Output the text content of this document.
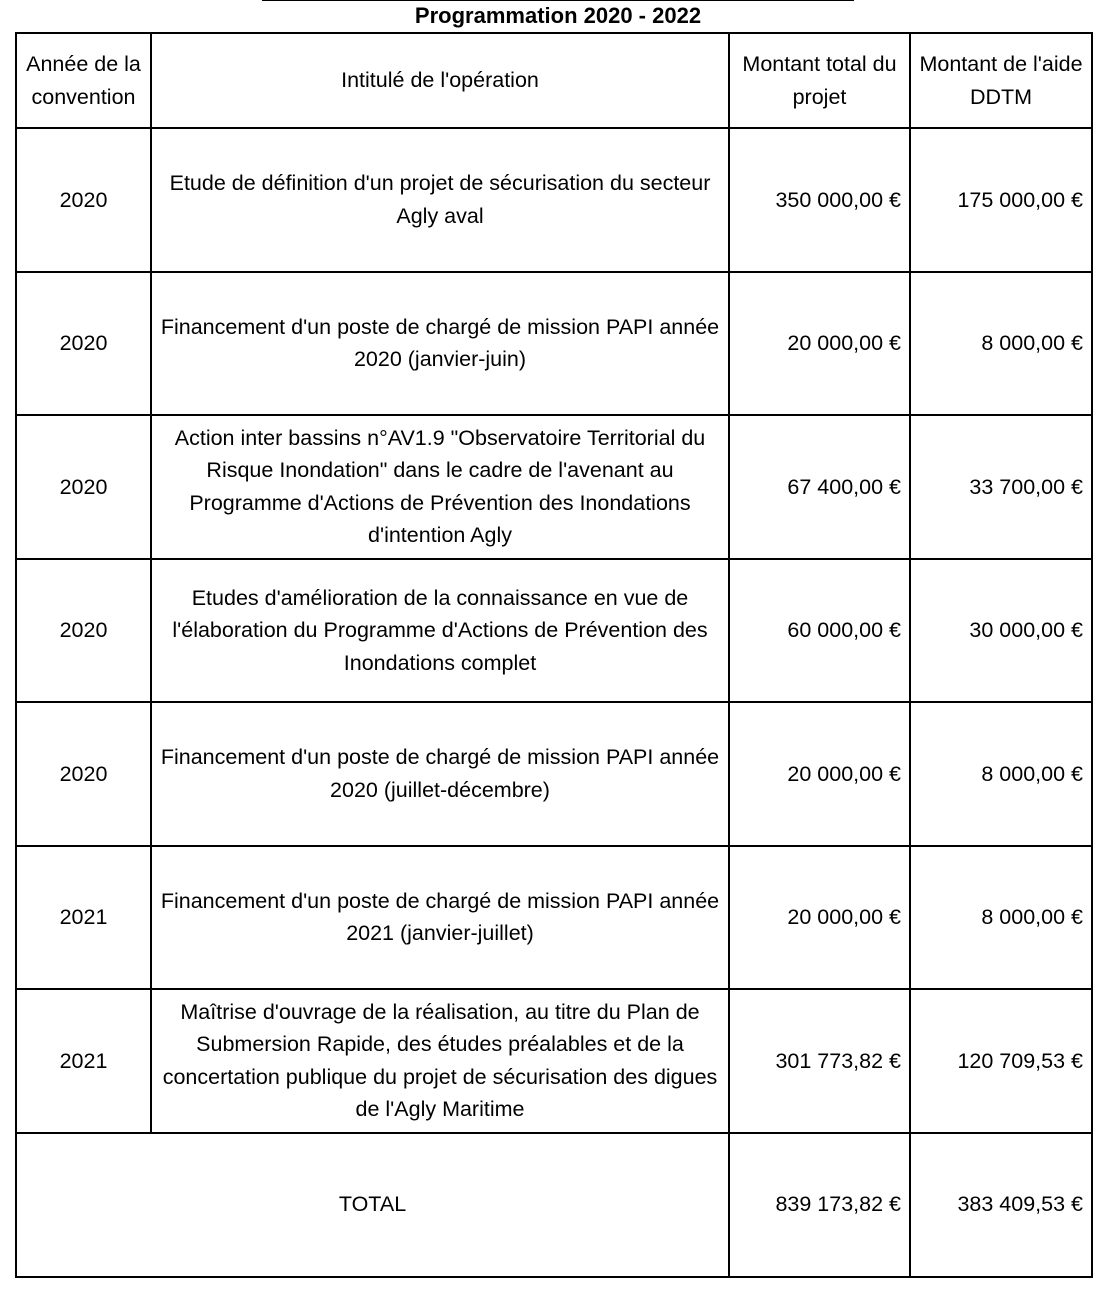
Programmation 2020 - 2022
Année de la convention	Intitulé de l'opération	Montant total du projet	Montant de l'aide DDTM
2020	Etude de définition d'un projet de sécurisation du secteur Agly aval	350 000,00 €	175 000,00 €
2020	Financement d'un poste de chargé de mission PAPI année 2020 (janvier-juin)	20 000,00 €	8 000,00 €
2020	Action inter bassins n°AV1.9 "Observatoire Territorial du Risque Inondation" dans le cadre de l'avenant au Programme d'Actions de Prévention des Inondations d'intention Agly	67 400,00 €	33 700,00 €
2020	Etudes d'amélioration de la connaissance en vue de l'élaboration du Programme d'Actions de Prévention des Inondations complet	60 000,00 €	30 000,00 €
2020	Financement d'un poste de chargé de mission PAPI année 2020 (juillet-décembre)	20 000,00 €	8 000,00 €
2021	Financement d'un poste de chargé de mission PAPI année 2021 (janvier-juillet)	20 000,00 €	8 000,00 €
2021	Maîtrise d'ouvrage de la réalisation, au titre du Plan de Submersion Rapide, des études préalables et de la concertation publique du projet de sécurisation des digues de l'Agly Maritime	301 773,82 €	120 709,53 €
TOTAL		839 173,82 €	383 409,53 €
